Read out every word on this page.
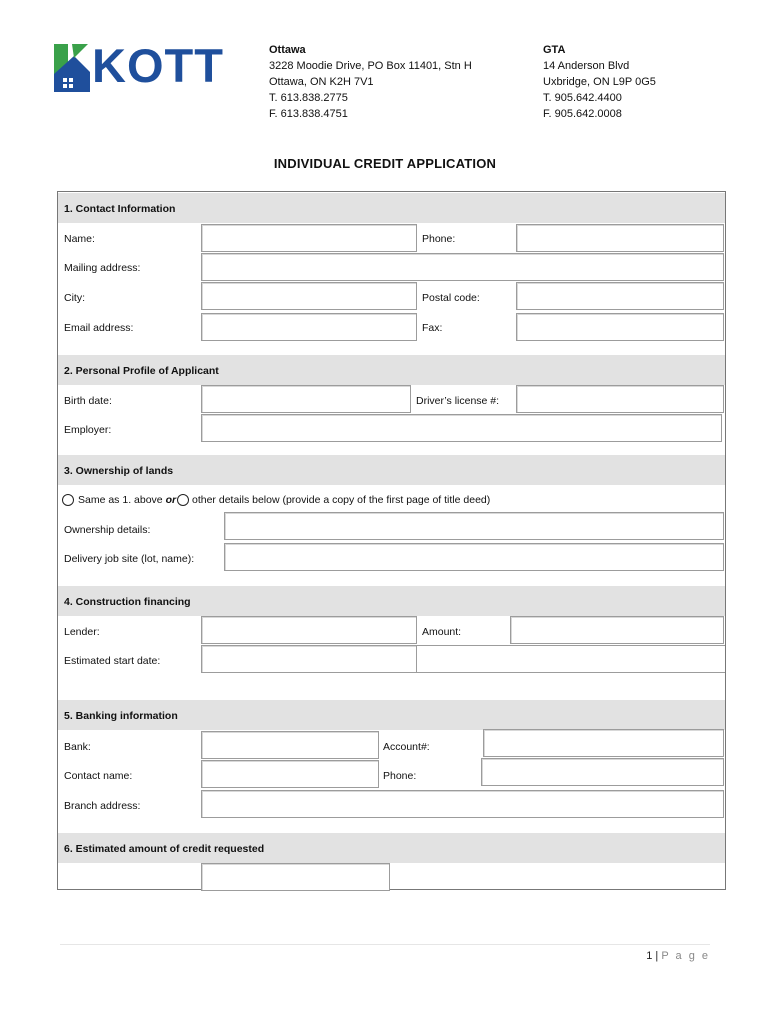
KOTT	Ottawa
3228 Moodie Drive, PO Box 11401, Stn H
Ottawa, ON K2H 7V1
T. 613.838.2775
F. 613.838.4751
GTA
14 Anderson Blvd
Uxbridge, ON L9P 0G5
T. 905.642.4400
F. 905.642.0008
INDIVIDUAL CREDIT APPLICATION
1. Contact Information
Name:	Phone:
Mailing address:
City:	Postal code:
Email address:	Fax:
2. Personal Profile of Applicant
Birth date:	Driver’s license #:
Employer:
3. Ownership of lands
Same as 1. above or other details below (provide a copy of the first page of title deed)
Ownership details:
Delivery job site (lot, name):
4. Construction financing
Lender:	Amount:
Estimated start date:
5. Banking information
Bank:	Account#:
Contact name:	Phone:
Branch address:
6. Estimated amount of credit requested
1 | P a g e
